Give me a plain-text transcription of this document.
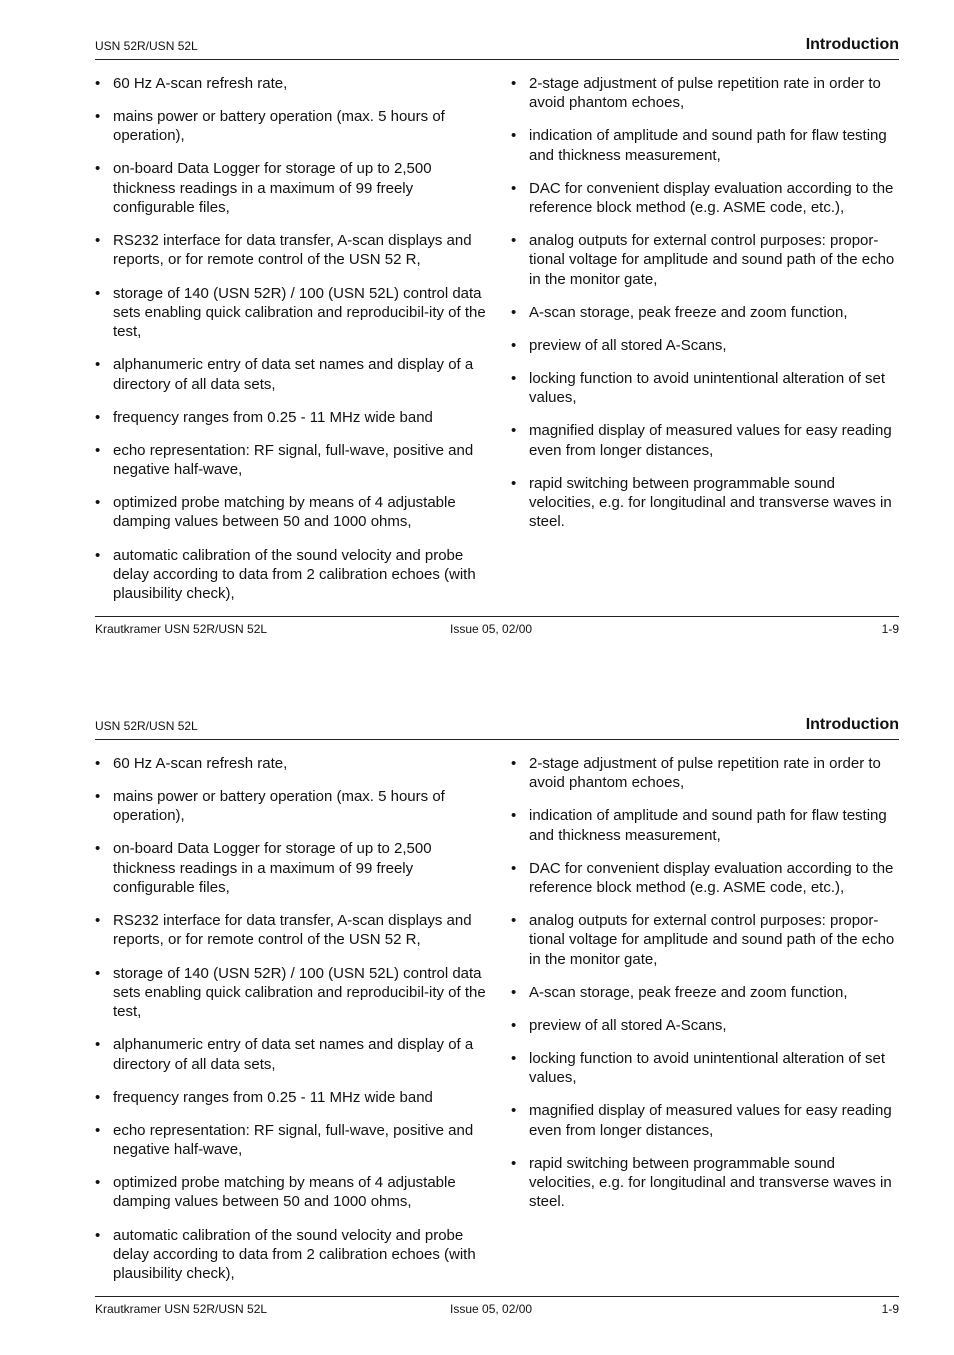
USN 52R/USN 52L	Introduction
• 60 Hz A-scan refresh rate,
• mains power or battery operation (max. 5 hours of operation),
• on-board Data Logger for storage of up to 2,500 thickness readings in a maximum of 99 freely configurable files,
• RS232 interface for data transfer, A-scan displays and reports, or for remote control of the USN 52 R,
• storage of 140 (USN 52R) / 100 (USN 52L) control data sets enabling quick calibration and reproducibil-ity of the test,
• alphanumeric entry of data set names and display of a directory of all data sets,
• frequency ranges from 0.25 - 11 MHz wide band
• echo representation: RF signal, full-wave, positive and negative half-wave,
• optimized probe matching by means of 4 adjustable damping values between 50 and 1000 ohms,
• automatic calibration of the sound velocity and probe delay according to data from 2 calibration echoes (with plausibility check),
• 2-stage adjustment of pulse repetition rate in order to avoid phantom echoes,
• indication of amplitude and sound path for flaw testing and thickness measurement,
• DAC for convenient display evaluation according to the reference block method (e.g. ASME code, etc.),
• analog outputs for external control purposes: propor-tional voltage for amplitude and sound path of the echo in the monitor gate,
• A-scan storage, peak freeze and zoom function,
• preview of all stored A-Scans,
• locking function to avoid unintentional alteration of set values,
• magnified display of measured values for easy reading even from longer distances,
• rapid switching between programmable sound velocities, e.g. for longitudinal and transverse waves in steel.
Krautkramer USN 52R/USN 52L	Issue 05, 02/00	1-9
USN 52R/USN 52L	Introduction
• 60 Hz A-scan refresh rate,
• mains power or battery operation (max. 5 hours of operation),
• on-board Data Logger for storage of up to 2,500 thickness readings in a maximum of 99 freely configurable files,
• RS232 interface for data transfer, A-scan displays and reports, or for remote control of the USN 52 R,
• storage of 140 (USN 52R) / 100 (USN 52L) control data sets enabling quick calibration and reproducibil-ity of the test,
• alphanumeric entry of data set names and display of a directory of all data sets,
• frequency ranges from 0.25 - 11 MHz wide band
• echo representation: RF signal, full-wave, positive and negative half-wave,
• optimized probe matching by means of 4 adjustable damping values between 50 and 1000 ohms,
• automatic calibration of the sound velocity and probe delay according to data from 2 calibration echoes (with plausibility check),
• 2-stage adjustment of pulse repetition rate in order to avoid phantom echoes,
• indication of amplitude and sound path for flaw testing and thickness measurement,
• DAC for convenient display evaluation according to the reference block method (e.g. ASME code, etc.),
• analog outputs for external control purposes: propor-tional voltage for amplitude and sound path of the echo in the monitor gate,
• A-scan storage, peak freeze and zoom function,
• preview of all stored A-Scans,
• locking function to avoid unintentional alteration of set values,
• magnified display of measured values for easy reading even from longer distances,
• rapid switching between programmable sound velocities, e.g. for longitudinal and transverse waves in steel.
Krautkramer USN 52R/USN 52L	Issue 05, 02/00	1-9
